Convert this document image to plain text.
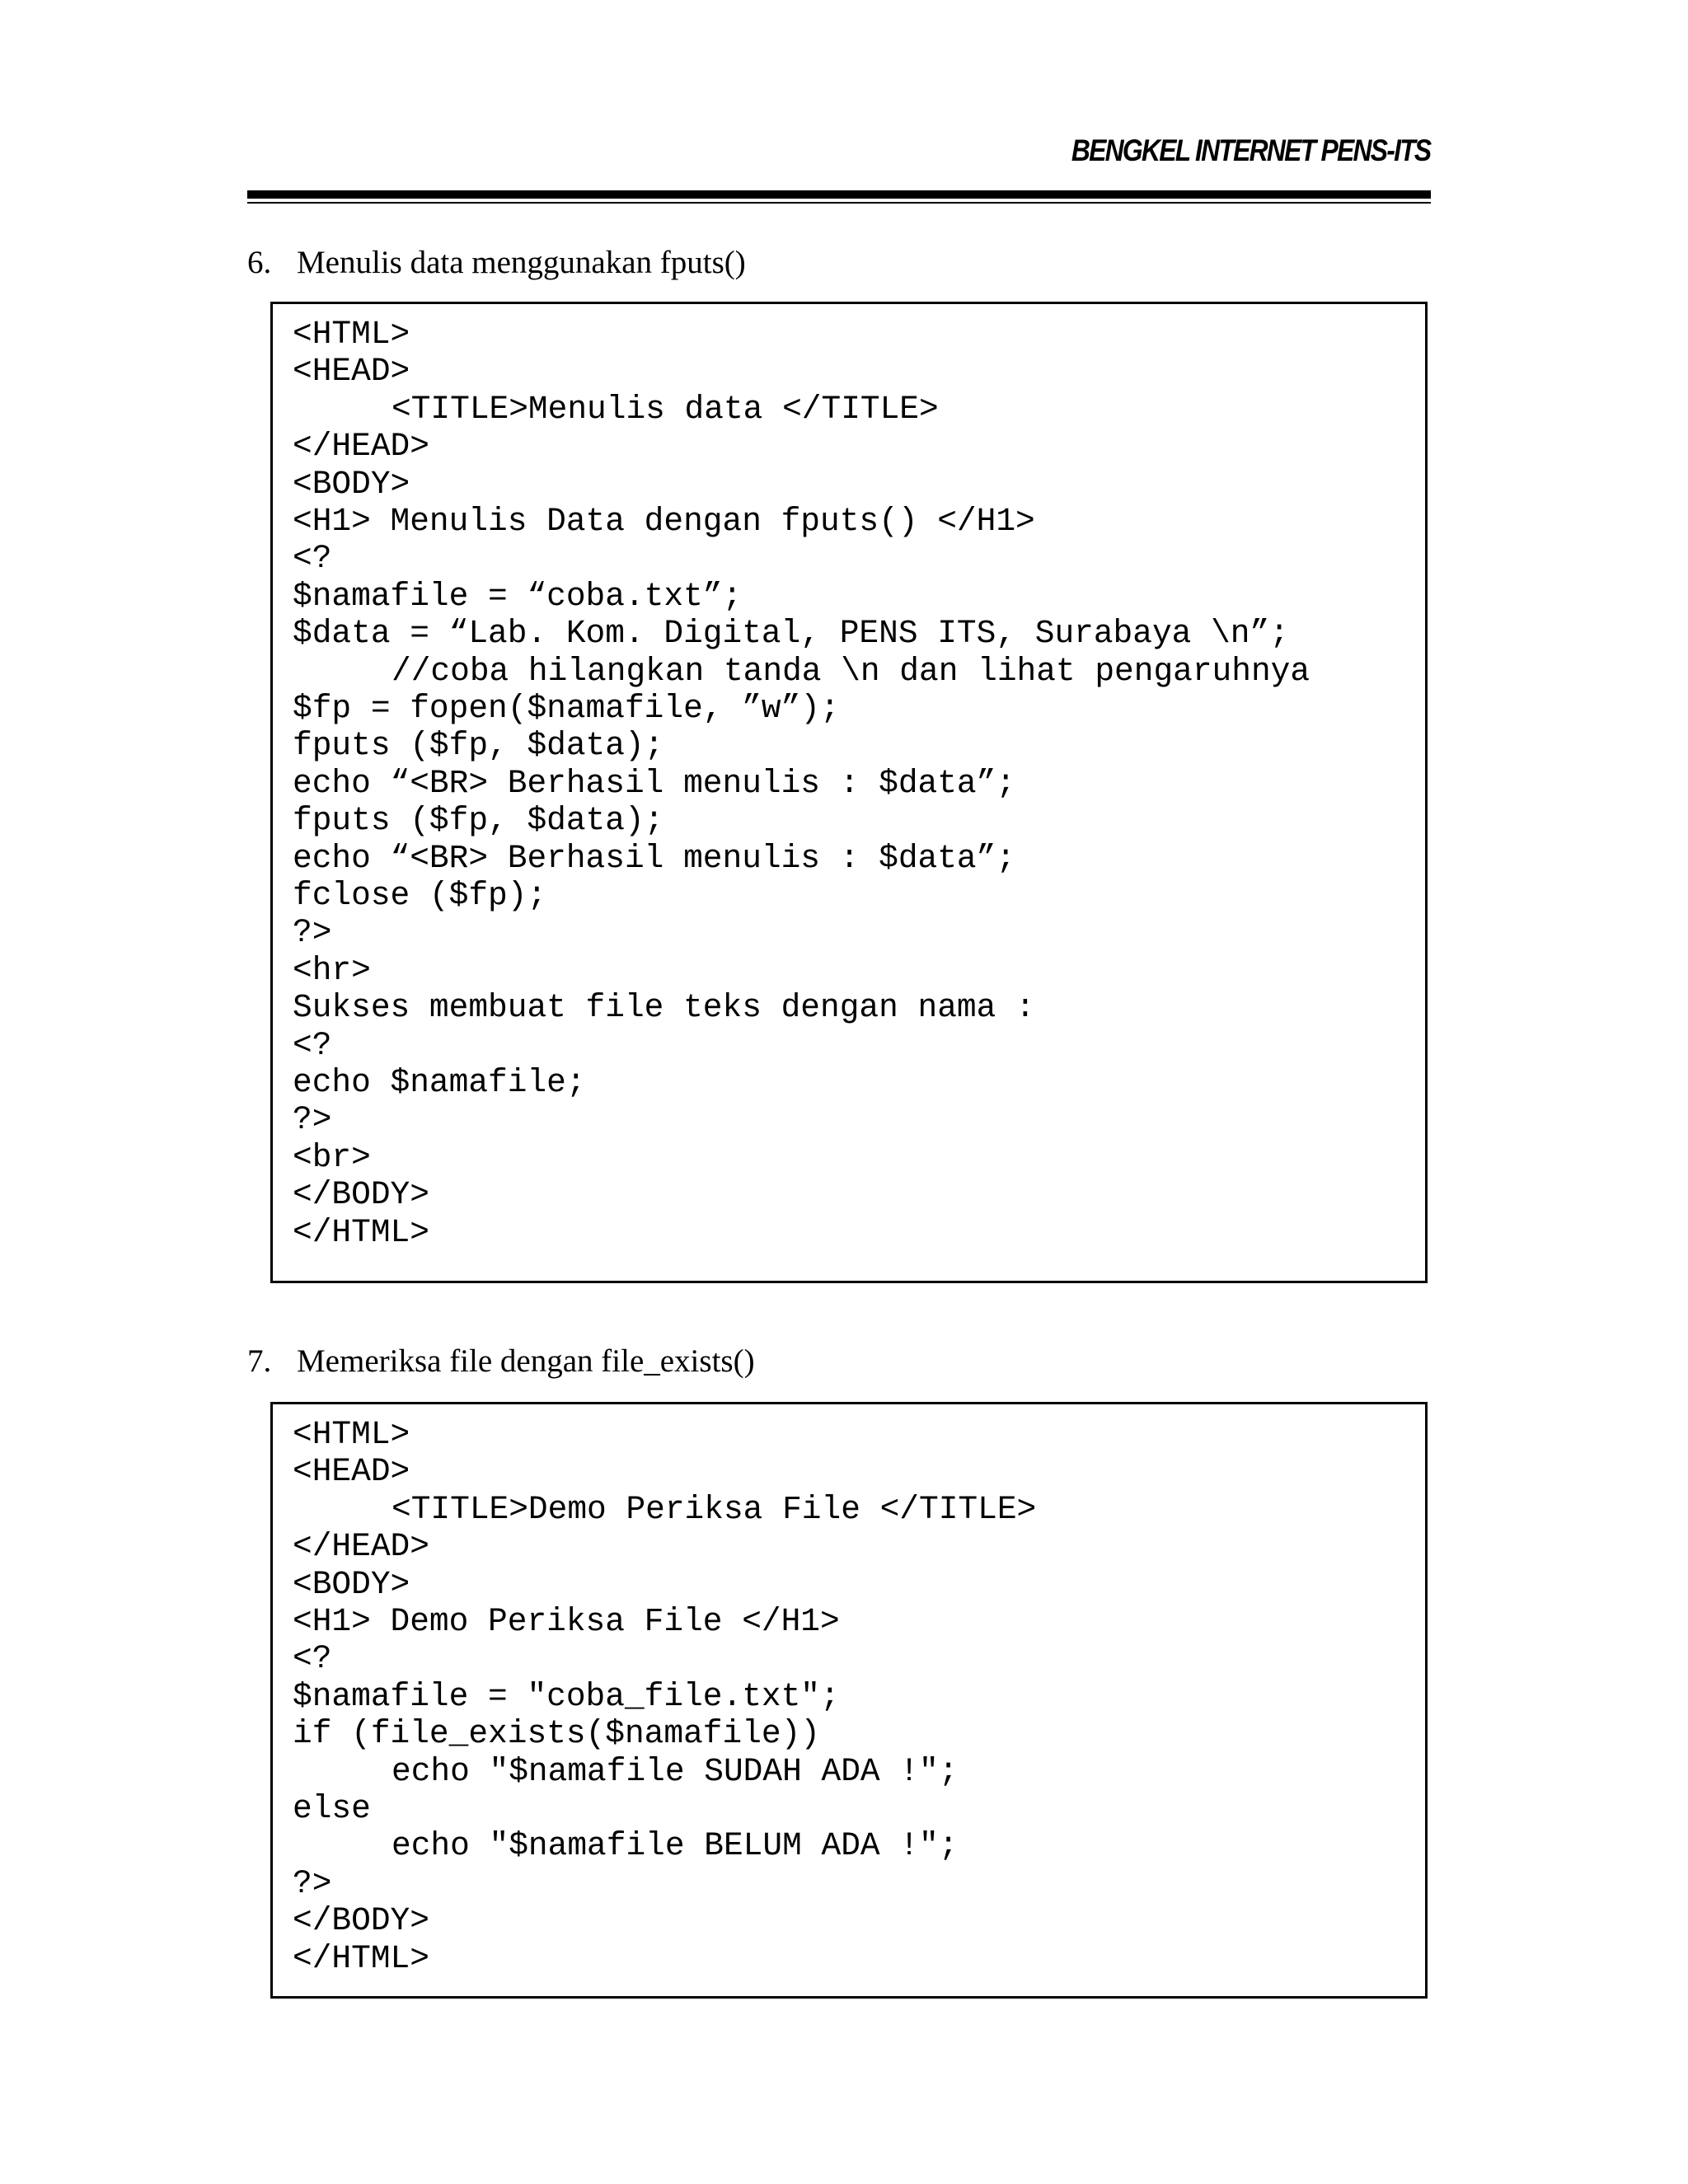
BENGKEL INTERNET PENS-ITS
6. Menulis data menggunakan fputs()
<HTML>
<HEAD>
<TITLE>Menulis data </TITLE>
</HEAD>
<BODY>
<H1> Menulis Data dengan fputs() </H1>
<?
$namafile = “coba.txt”;
$data = “Lab. Kom. Digital, PENS ITS, Surabaya \n”;
//coba hilangkan tanda \n dan lihat pengaruhnya
$fp = fopen($namafile, ”w”);
fputs ($fp, $data);
echo “<BR> Berhasil menulis : $data”;
fputs ($fp, $data);
echo “<BR> Berhasil menulis : $data”;
fclose ($fp);
?>
<hr>
Sukses membuat file teks dengan nama :
<?
echo $namafile;
?>
<br>
</BODY>
</HTML>
7. Memeriksa file dengan file_exists()
<HTML>
<HEAD>
<TITLE>Demo Periksa File </TITLE>
</HEAD>
<BODY>
<H1> Demo Periksa File </H1>
<?
$namafile = "coba_file.txt";
if (file_exists($namafile))
echo "$namafile SUDAH ADA !";
else
echo "$namafile BELUM ADA !";
?>
</BODY>
</HTML>
